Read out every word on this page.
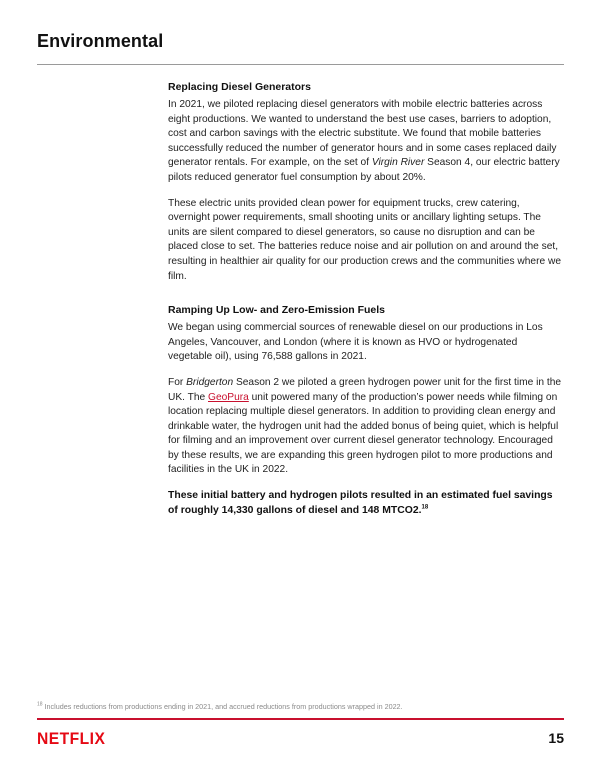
Environmental
Replacing Diesel Generators

In 2021, we piloted replacing diesel generators with mobile electric batteries across eight productions. We wanted to understand the best use cases, barriers to adoption, cost and carbon savings with the electric substitute. We found that mobile batteries successfully reduced the number of generator hours and in some cases replaced daily generator rentals. For example, on the set of Virgin River Season 4, our electric battery pilots reduced generator fuel consumption by about 20%.

These electric units provided clean power for equipment trucks, crew catering, overnight power requirements, small shooting units or ancillary lighting setups. The units are silent compared to diesel generators, so cause no disruption and can be placed close to set. The batteries reduce noise and air pollution on and around the set, resulting in healthier air quality for our production crews and the communities where we film.

Ramping Up Low- and Zero-Emission Fuels

We began using commercial sources of renewable diesel on our productions in Los Angeles, Vancouver, and London (where it is known as HVO or hydrogenated vegetable oil), using 76,588 gallons in 2021.

For Bridgerton Season 2 we piloted a green hydrogen power unit for the first time in the UK. The GeoPura unit powered many of the production’s power needs while filming on location replacing multiple diesel generators. In addition to providing clean energy and drinkable water, the hydrogen unit had the added bonus of being quiet, which is helpful for filming and an improvement over current diesel generator technology. Encouraged by these results, we are expanding this green hydrogen pilot to more productions and facilities in the UK in 2022.

These initial battery and hydrogen pilots resulted in an estimated fuel savings of roughly 14,330 gallons of diesel and 148 MTCO2.18

$^{18}$ Includes reductions from productions ending in 2021, and accrued reductions from productions wrapped in 2022.
NETFLIX	15
